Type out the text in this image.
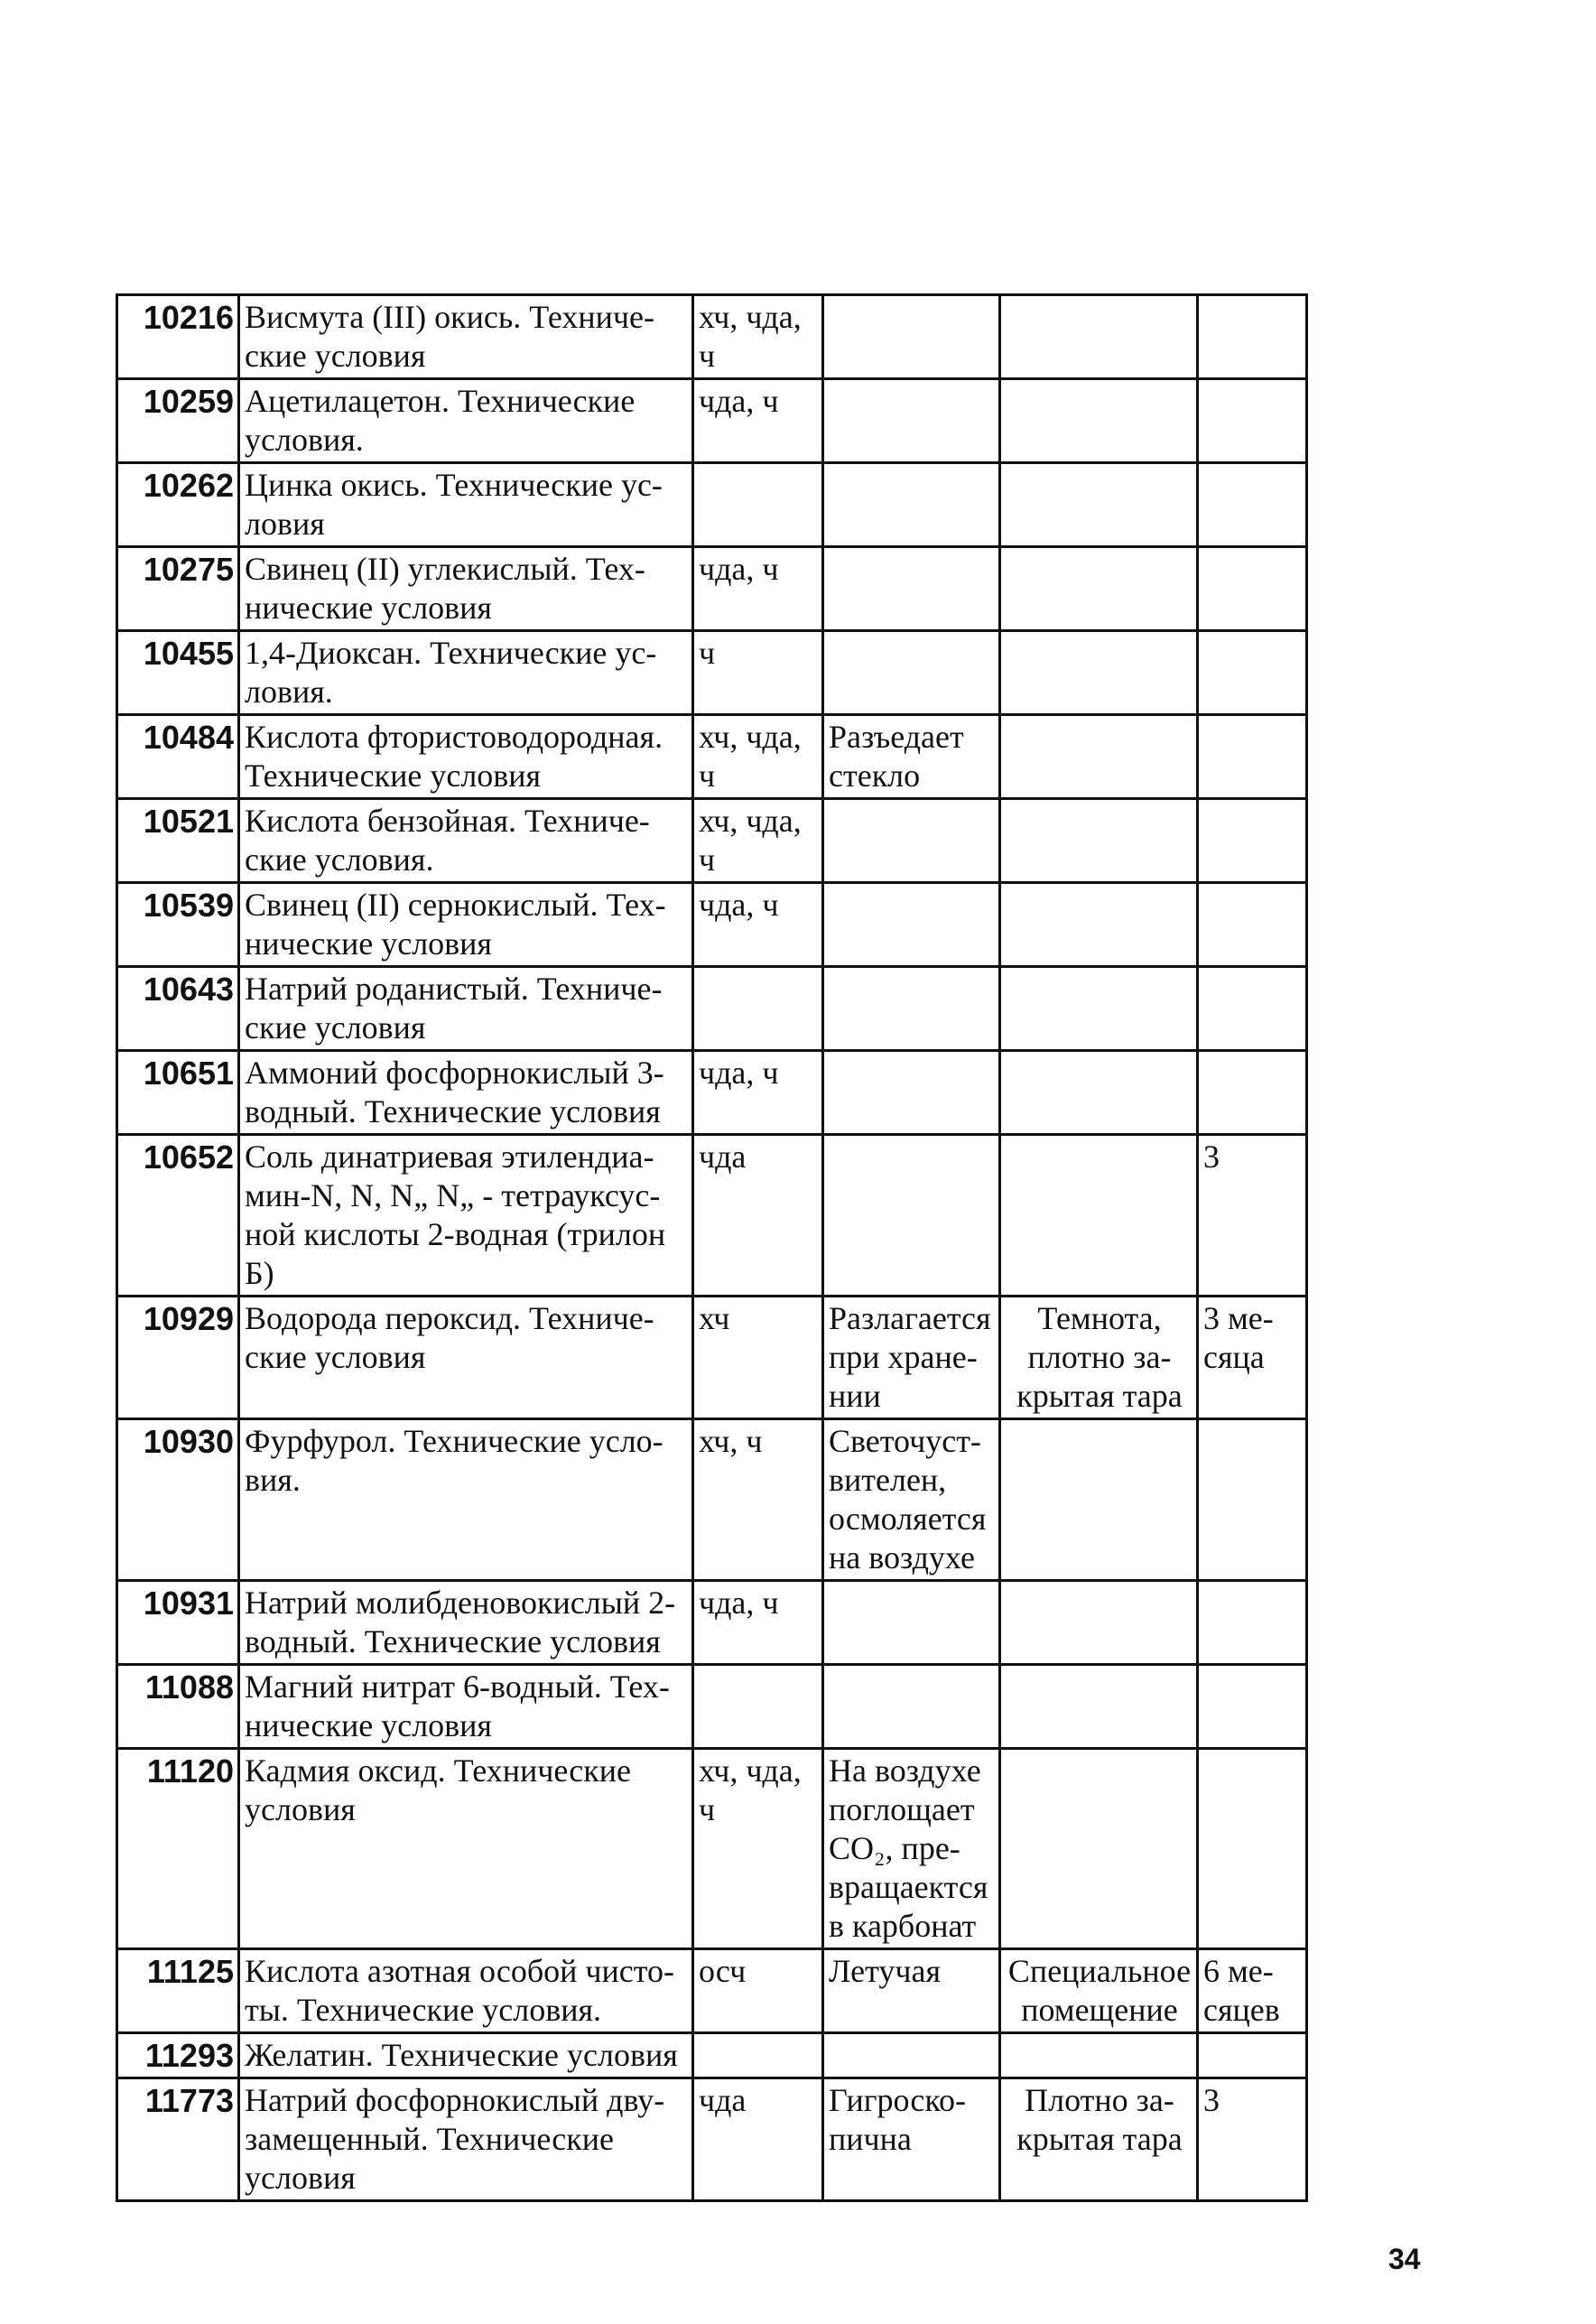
10216	Висмута (III) окись. Техниче-ские условия	хч, чда, ч			
10259	Ацетилацетон. Технические условия.	чда, ч			
10262	Цинка окись. Технические ус-ловия				
10275	Свинец (II) углекислый. Тех-нические условия	чда, ч			
10455	1,4-Диоксан. Технические ус-ловия.	ч			
10484	Кислота фтористоводородная. Технические условия	хч, чда, ч	Разъедает стекло		
10521	Кислота бензойная. Техниче-ские условия.	хч, чда, ч			
10539	Свинец (II) сернокислый. Тех-нические условия	чда, ч			
10643	Натрий роданистый. Техниче-ские условия				
10651	Аммоний фосфорнокислый 3-водный. Технические условия	чда, ч			
10652	Соль динатриевая этилендиа-мин-N, N, N„ N„ - тетрауксус-ной кислоты 2-водная (трилон Б)	чда			3
10929	Водорода пероксид. Техниче-ские условия	хч	Разлагается при хране-нии	Темнота, плотно за-крытая тара	3 ме-сяца
10930	Фурфурол. Технические усло-вия.	хч, ч	Светочуст-вителен, осмоляется на воздухе		
10931	Натрий молибденовокислый 2-водный. Технические условия	чда, ч			
11088	Магний нитрат 6-водный. Тех-нические условия				
11120	Кадмия оксид. Технические условия	хч, чда, ч	На воздухе поглощает CO₂, пре-вращаектся в карбонат		
11125	Кислота азотная особой чисто-ты. Технические условия.	осч	Летучая	Специальное помещение	6 ме-сяцев
11293	Желатин. Технические условия				
11773	Натрий фосфорнокислый дву-замещенный. Технические условия	чда	Гигроско-пична	Плотно за-крытая тара	3
34
